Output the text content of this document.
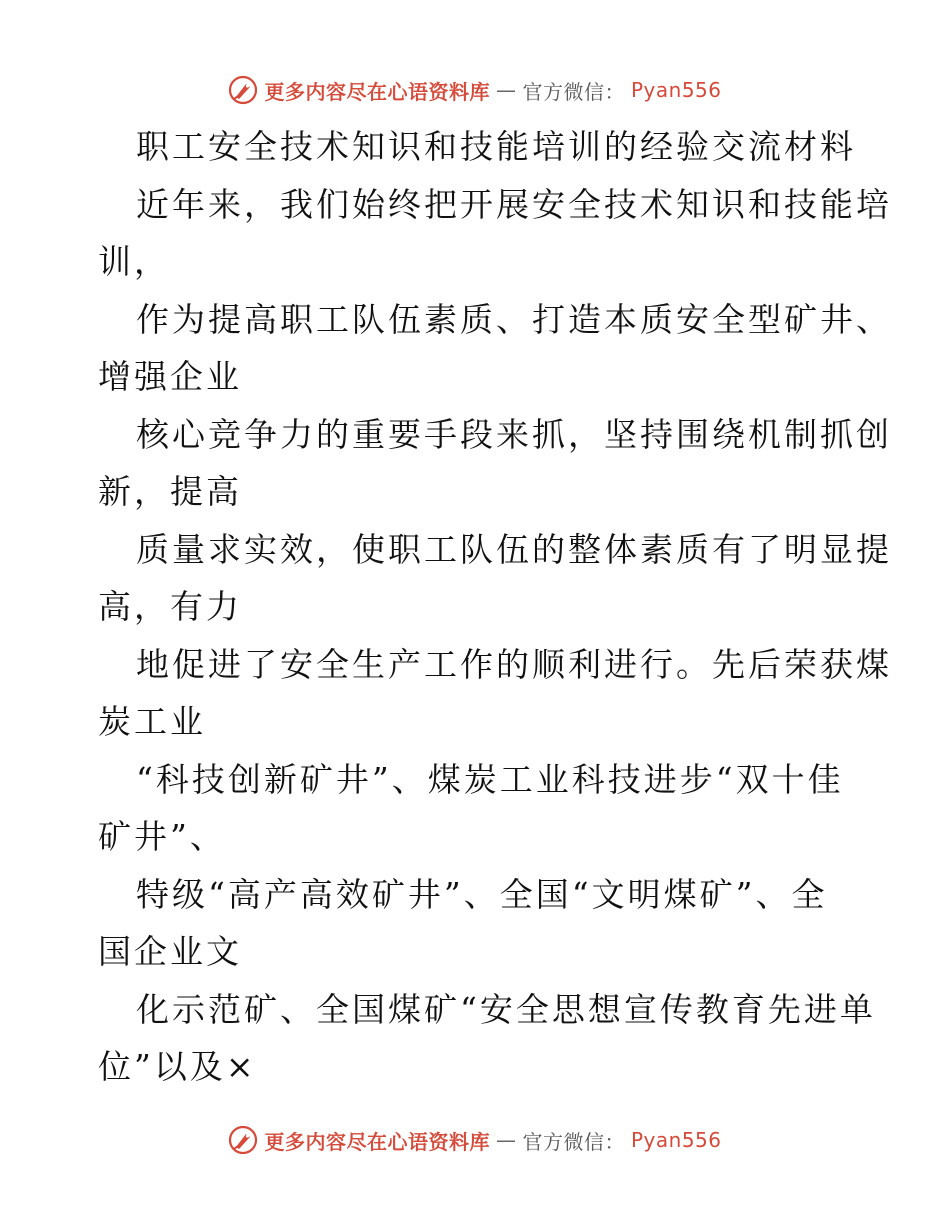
更多内容尽在心语资料库 — 官方微信： Pyan556
职工安全技术知识和技能培训的经验交流材料
近年来，我们始终把开展安全技术知识和技能培
训，
作为提高职工队伍素质、打造本质安全型矿井、
增强企业
核心竞争力的重要手段来抓，坚持围绕机制抓创
新，提高
质量求实效，使职工队伍的整体素质有了明显提
高，有力
地促进了安全生产工作的顺利进行。先后荣获煤
炭工业
“科技创新矿井”、煤炭工业科技进步“双十佳
矿井”、
特级“高产高效矿井”、全国“文明煤矿”、全
国企业文
化示范矿、全国煤矿“安全思想宣传教育先进单
位”以及×
更多内容尽在心语资料库 — 官方微信： Pyan556
